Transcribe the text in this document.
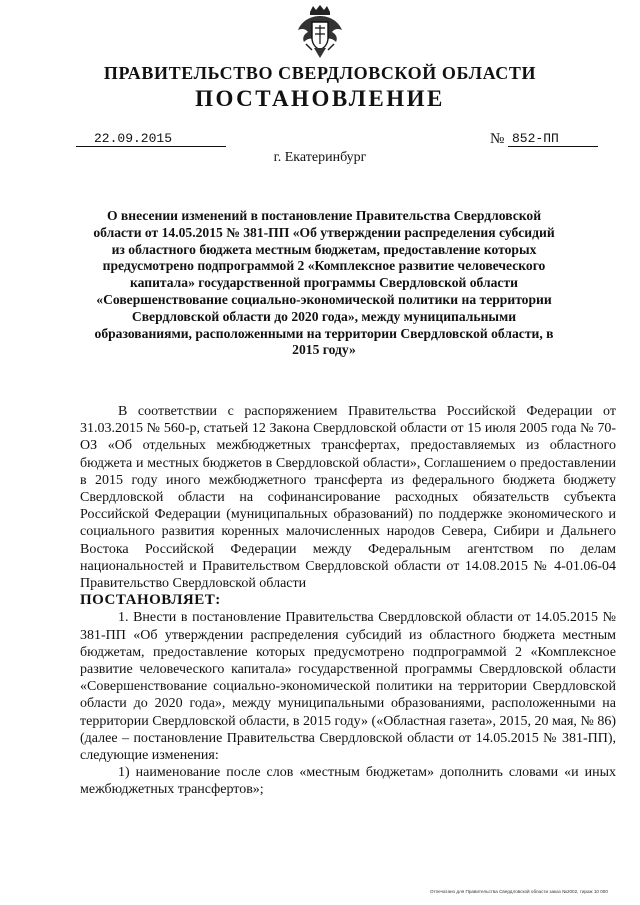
ПРАВИТЕЛЬСТВО СВЕРДЛОВСКОЙ ОБЛАСТИ
ПОСТАНОВЛЕНИЕ
22.09.2015	№ 852-ПП
г. Екатеринбург

О внесении изменений в постановление Правительства Свердловской области от 14.05.2015 № 381-ПП «Об утверждении распределения субсидий из областного бюджета местным бюджетам, предоставление которых предусмотрено подпрограммой 2 «Комплексное развитие человеческого капитала» государственной программы Свердловской области «Совершенствование социально-экономической политики на территории Свердловской области до 2020 года», между муниципальными образованиями, расположенными на территории Свердловской области, в 2015 году»

В соответствии с распоряжением Правительства Российской Федерации от 31.03.2015 № 560-р, статьей 12 Закона Свердловской области от 15 июля 2005 года № 70-ОЗ «Об отдельных межбюджетных трансфертах, предоставляемых из областного бюджета и местных бюджетов в Свердловской области», Соглашением о предоставлении в 2015 году иного межбюджетного трансферта из федерального бюджета бюджету Свердловской области на софинансирование расходных обязательств субъекта Российской Федерации (муниципальных образований) по поддержке экономического и социального развития коренных малочисленных народов Севера, Сибири и Дальнего Востока Российской Федерации между Федеральным агентством по делам национальностей и Правительством Свердловской области от 14.08.2015 № 4-01.06-04 Правительство Свердловской области

ПОСТАНОВЛЯЕТ:

1. Внести в постановление Правительства Свердловской области от 14.05.2015 № 381-ПП «Об утверждении распределения субсидий из областного бюджета местным бюджетам, предоставление которых предусмотрено подпрограммой 2 «Комплексное развитие человеческого капитала» государственной программы Свердловской области «Совершенствование социально-экономической политики на территории Свердловской области до 2020 года», между муниципальными образованиями, расположенными на территории Свердловской области, в 2015 году» («Областная газета», 2015, 20 мая, № 86) (далее – постановление Правительства Свердловской области от 14.05.2015 № 381-ПП), следующие изменения:

1) наименование после слов «местным бюджетам» дополнить словами «и иных межбюджетных трансфертов»;

Отпечатано для Правительства Свердловской области заказ №2002, тираж 10 000
